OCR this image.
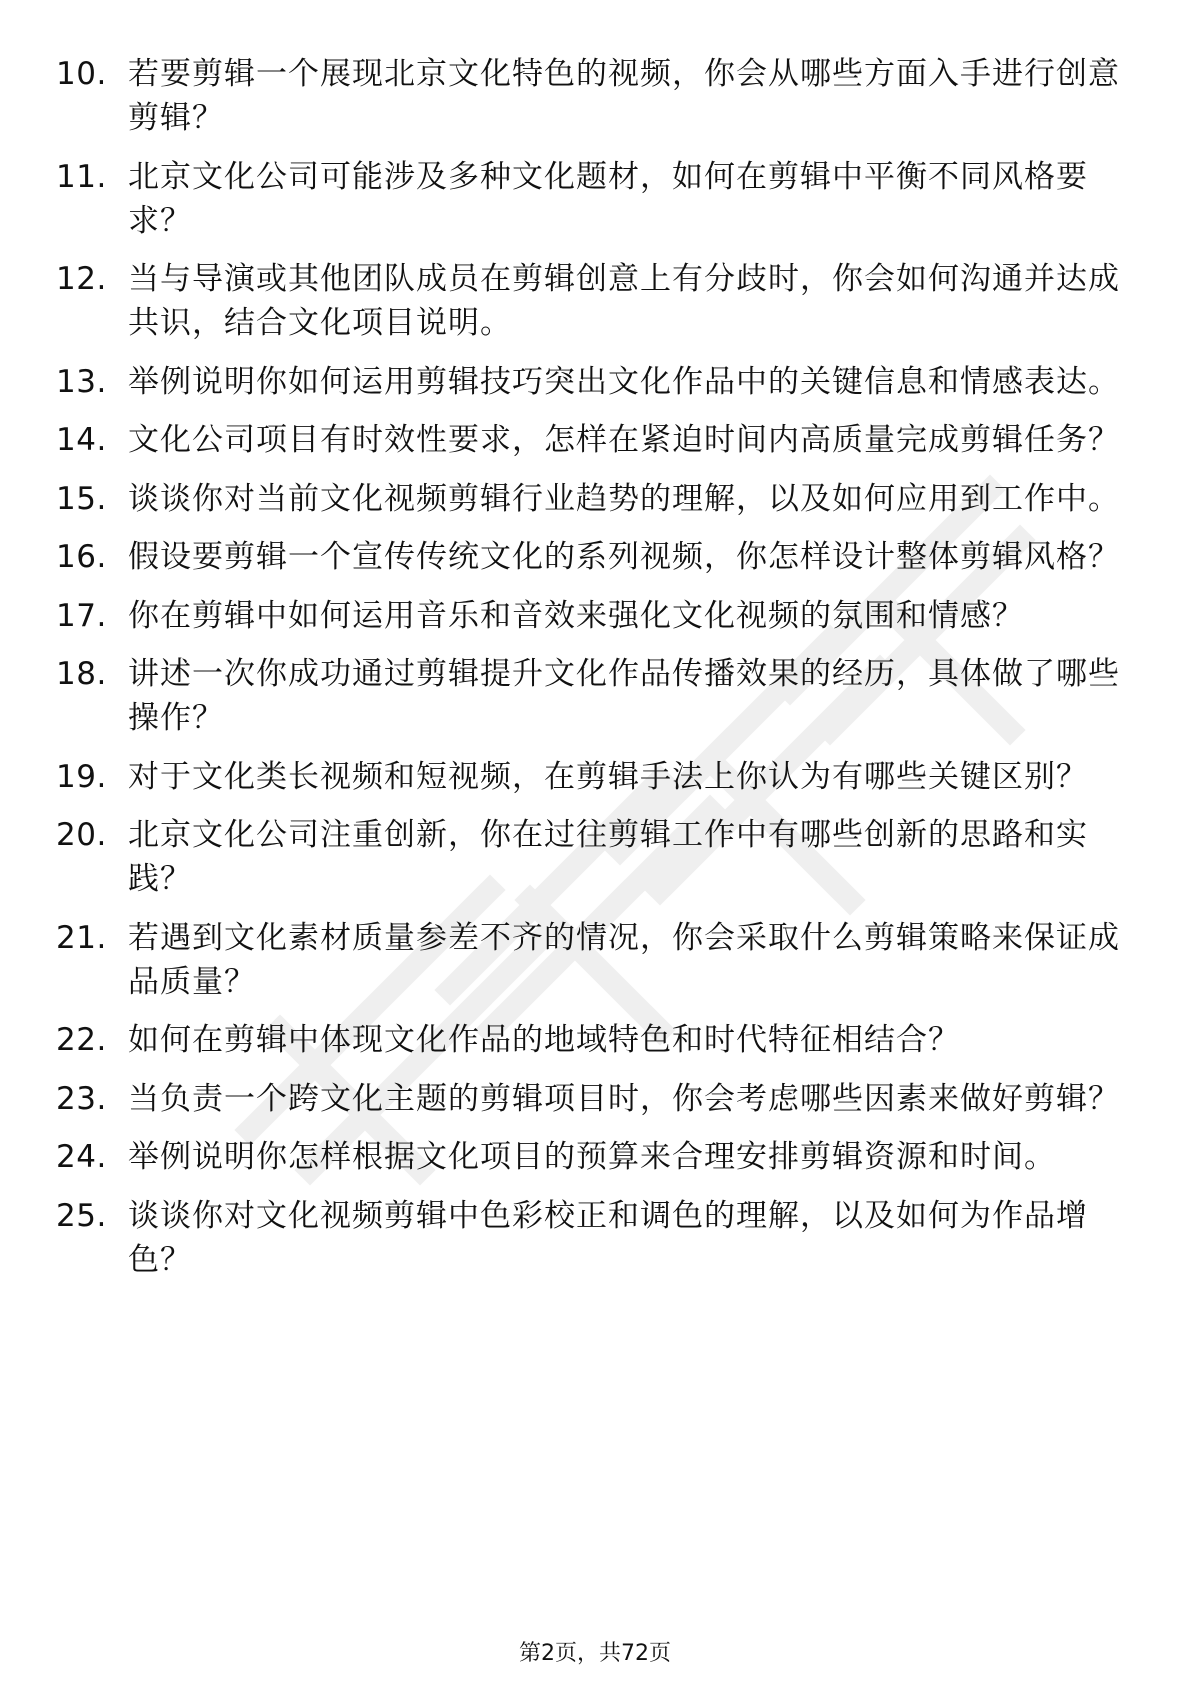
10. 若要剪辑一个展现北京文化特色的视频，你会从哪些方面入手进行创意剪辑？
11. 北京文化公司可能涉及多种文化题材，如何在剪辑中平衡不同风格要求？
12. 当与导演或其他团队成员在剪辑创意上有分歧时，你会如何沟通并达成共识，结合文化项目说明。
13. 举例说明你如何运用剪辑技巧突出文化作品中的关键信息和情感表达。
14. 文化公司项目有时效性要求，怎样在紧迫时间内高质量完成剪辑任务？
15. 谈谈你对当前文化视频剪辑行业趋势的理解，以及如何应用到工作中。
16. 假设要剪辑一个宣传传统文化的系列视频，你怎样设计整体剪辑风格？
17. 你在剪辑中如何运用音乐和音效来强化文化视频的氛围和情感？
18. 讲述一次你成功通过剪辑提升文化作品传播效果的经历，具体做了哪些操作？
19. 对于文化类长视频和短视频，在剪辑手法上你认为有哪些关键区别？
20. 北京文化公司注重创新，你在过往剪辑工作中有哪些创新的思路和实践？
21. 若遇到文化素材质量参差不齐的情况，你会采取什么剪辑策略来保证成品质量？
22. 如何在剪辑中体现文化作品的地域特色和时代特征相结合？
23. 当负责一个跨文化主题的剪辑项目时，你会考虑哪些因素来做好剪辑？
24. 举例说明你怎样根据文化项目的预算来合理安排剪辑资源和时间。
25. 谈谈你对文化视频剪辑中色彩校正和调色的理解，以及如何为作品增色？
第2页，共72页
